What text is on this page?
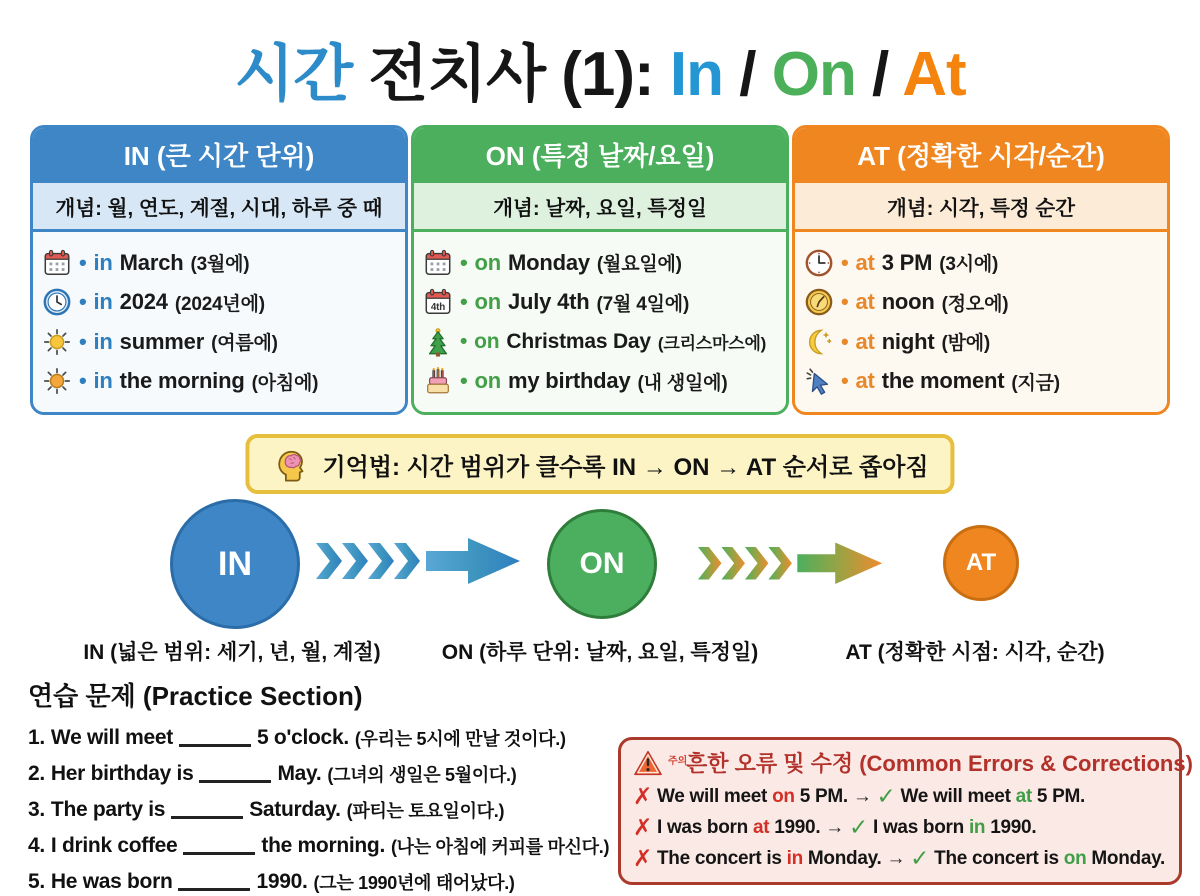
시간 전치사 (1): In / On / At
IN (큰 시간 단위)
개념: 월, 연도, 계절, 시대, 하루 중 때
• in March (3월에)
• in 2024 (2024년에)
• in summer (여름에)
• in the morning (아침에)
ON (특정 날짜/요일)
개념: 날짜, 요일, 특정일
• on Monday (월요일에)
4th • on July 4th (7월 4일에)
• on Christmas Day (크리스마스에)
• on my birthday (내 생일에)
AT (정확한 시각/순간)
개념: 시각, 특정 순간
• at 3 PM (3시에)
• at noon (정오에)
• at night (밤에)
• at the moment (지금)
기억법: 시간 범위가 클수록 IN → ON → AT 순서로 좁아짐
IN	ON	AT
IN (넓은 범위: 세기, 년, 월, 계절)	ON (하루 단위: 날짜, 요일, 특정일)	AT (정확한 시점: 시각, 순간)
연습 문제 (Practice Section)
1. We will meet	5 o'clock. (우리는 5시에 만날 것이다.)
2. Her birthday is	May. (그녀의 생일은 5월이다.)
3. The party is	Saturday. (파티는 토요일이다.)
4. I drink coffee	the morning. (나는 아침에 커피를 마신다.)
5. He was born	1990. (그는 1990년에 태어났다.)
주의
흔한 오류 및 수정 (Common Errors & Corrections)
✗ We will meet on 5 PM. → ✓ We will meet at 5 PM.
✗ I was born at 1990. → ✓ I was born in 1990.
✗ The concert is in Monday. → ✓ The concert is on Monday.
